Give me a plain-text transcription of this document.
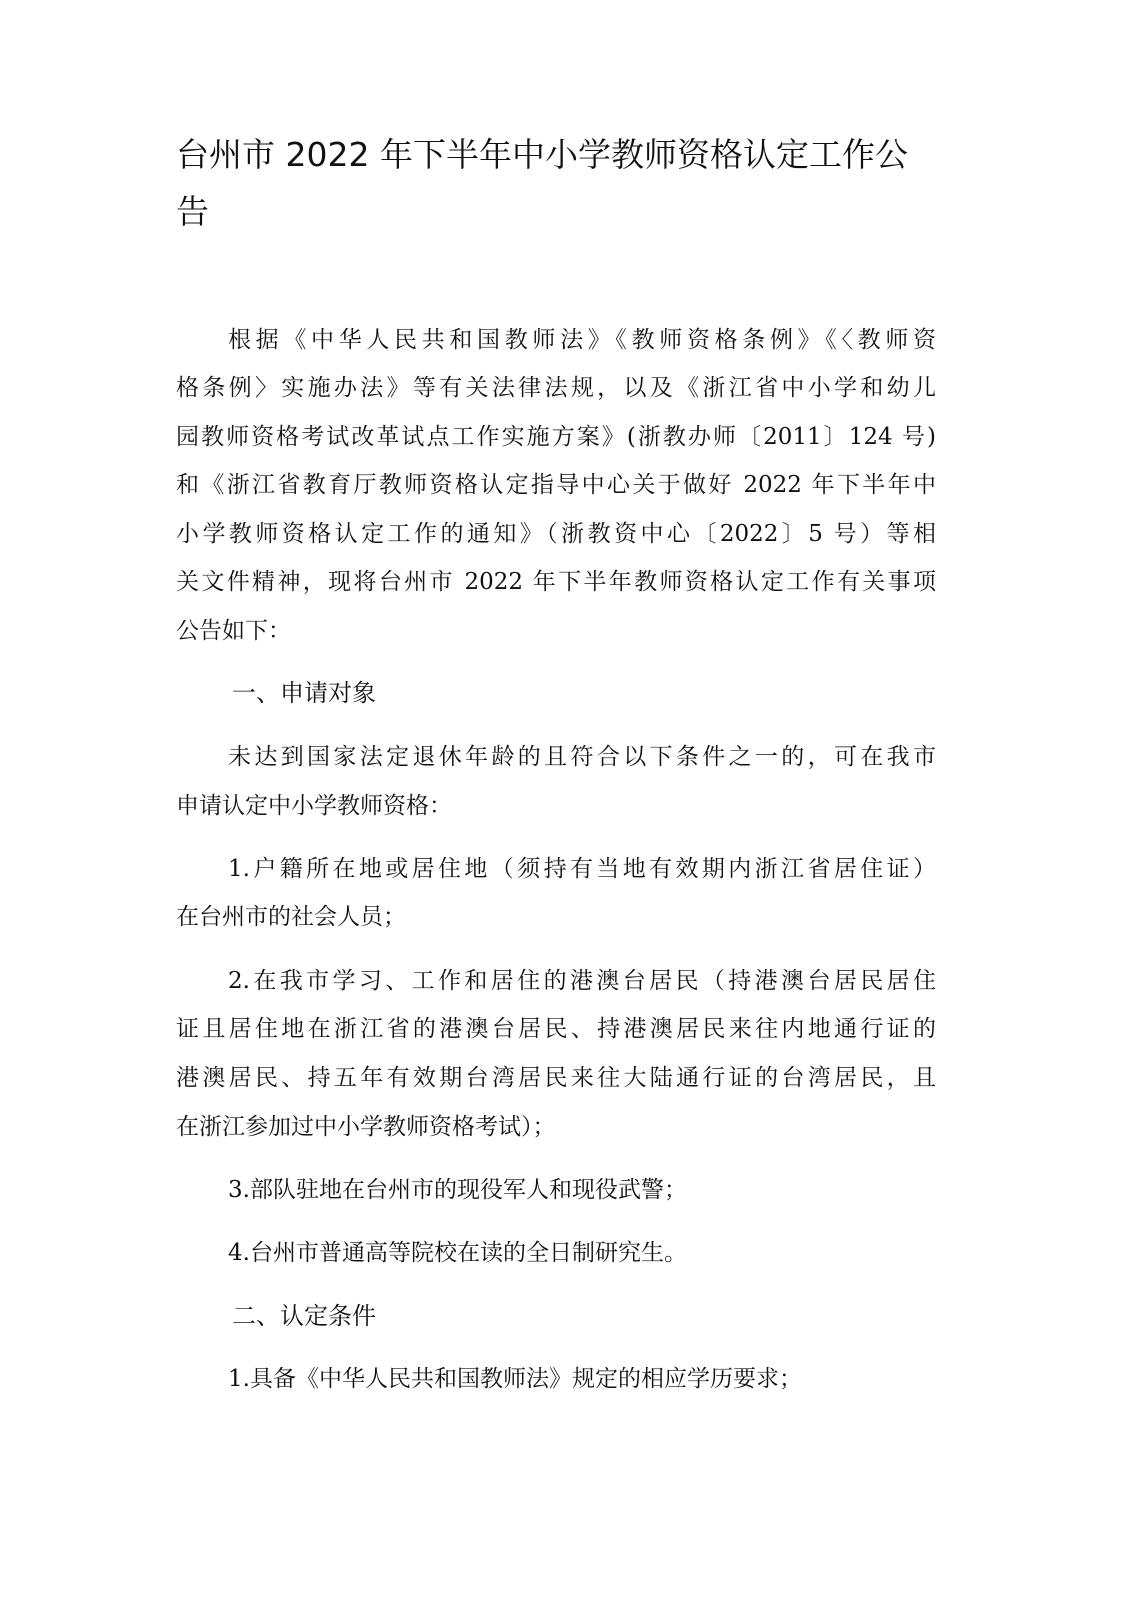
台州市 2022 年下半年中小学教师资格认定工作公
告
根据《中华人民共和国教师法》《教师资格条例》《〈教师资
格条例〉实施办法》等有关法律法规，以及《浙江省中小学和幼儿
园教师资格考试改革试点工作实施方案》(浙教办师〔2011〕124 号)
和《浙江省教育厅教师资格认定指导中心关于做好 2022 年下半年中
小学教师资格认定工作的通知》（浙教资中心〔2022〕5 号）等相
关文件精神，现将台州市 2022 年下半年教师资格认定工作有关事项
公告如下：
一、申请对象
未达到国家法定退休年龄的且符合以下条件之一的，可在我市
申请认定中小学教师资格：
1.户籍所在地或居住地（须持有当地有效期内浙江省居住证）
在台州市的社会人员；
2.在我市学习、工作和居住的港澳台居民（持港澳台居民居住
证且居住地在浙江省的港澳台居民、持港澳居民来往内地通行证的
港澳居民、持五年有效期台湾居民来往大陆通行证的台湾居民，且
在浙江参加过中小学教师资格考试）；
3.部队驻地在台州市的现役军人和现役武警；
4.台州市普通高等院校在读的全日制研究生。
二、认定条件
1.具备《中华人民共和国教师法》规定的相应学历要求；
